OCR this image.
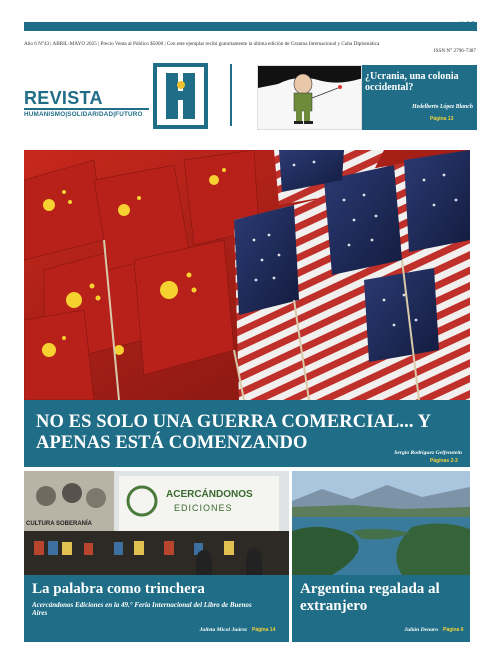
#43
Año 6 N°43 | ABRIL-MAYO 2025 | Precio Venta al Público $5000 | Con este ejemplar recibí gratuitamente la última edición de Granma Internacional y Cuba Diplomática
ISSN N° 2796-7387
REVISTA
HUMANISMO|SOLIDARIDAD|FUTURO
¿Ucrania, una colonia occidental?
Hedelberto López Blanch
Página 13
NO ES SOLO UNA GUERRA COMERCIAL... Y APENAS ESTÁ COMENZANDO	Sergio Rodríguez Gelfenstein
Páginas 2-3
ACERCÁNDONOS
EDICIONES
CULTURA SOBERANÍA
La palabra como trinchera
Acercándonos Ediciones en la 49.° Feria Internacional del Libro de Buenos Aires
Julieta Micol Juárez Página 14
Argentina regalada al extranjero
Julián Denaro Página 6
